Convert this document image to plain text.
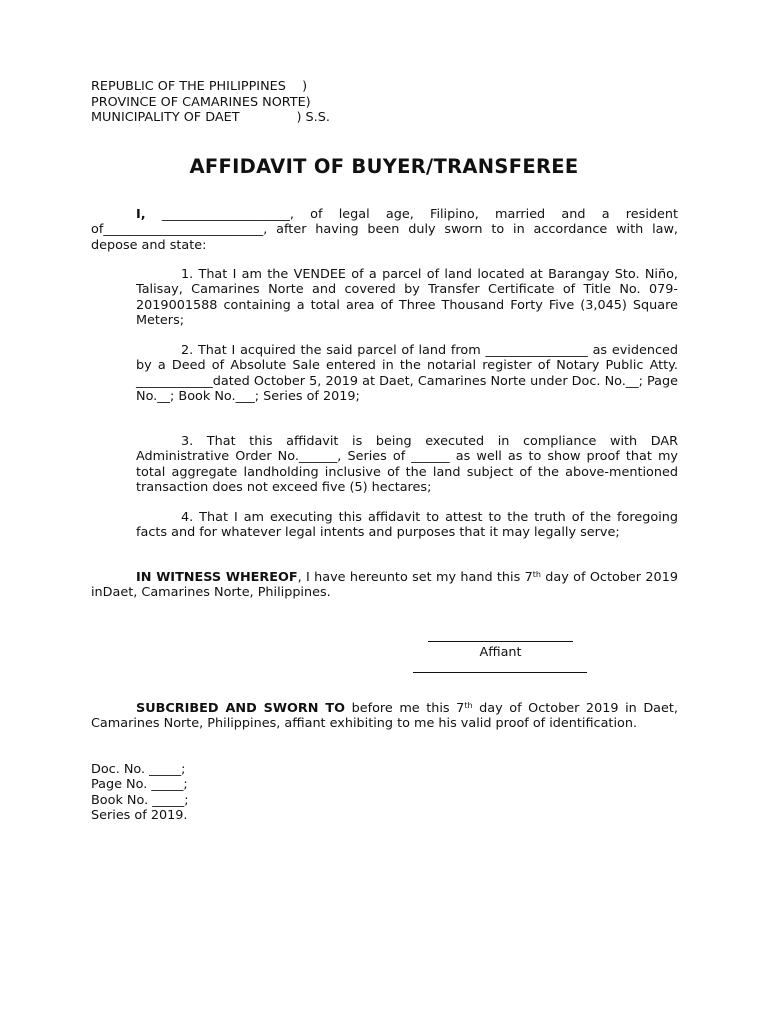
REPUBLIC OF THE PHILIPPINES    )
PROVINCE OF CAMARINES NORTE)
MUNICIPALITY OF DAET              ) S.S.
AFFIDAVIT OF BUYER/TRANSFEREE
I, ____________________, of legal age, Filipino, married and a resident of_________________________, after having been duly sworn to in accordance with law, depose and state:
1. That I am the VENDEE of a parcel of land located at Barangay Sto. Niño, Talisay, Camarines Norte and covered by Transfer Certificate of Title No. 079-2019001588 containing a total area of Three Thousand Forty Five (3,045) Square Meters;
2. That I acquired the said parcel of land from ________________ as evidenced by a Deed of Absolute Sale entered in the notarial register of Notary Public Atty. ____________dated October 5, 2019 at Daet, Camarines Norte under Doc. No.__; Page No.__; Book No.___; Series of 2019;
3. That this affidavit is being executed in compliance with DAR Administrative Order No.______, Series of ______ as well as to show proof that my total aggregate landholding inclusive of the land subject of the above-mentioned transaction does not exceed five (5) hectares;
4. That I am executing this affidavit to attest to the truth of the foregoing facts and for whatever legal intents and purposes that it may legally serve;
IN WITNESS WHEREOF, I have hereunto set my hand this 7th day of October 2019 inDaet, Camarines Norte, Philippines.
Affiant
SUBCRIBED AND SWORN TO before me this 7th day of October 2019 in Daet, Camarines Norte, Philippines, affiant exhibiting to me his valid proof of identification.
Doc. No. _____;
Page No. _____;
Book No. _____;
Series of 2019.
